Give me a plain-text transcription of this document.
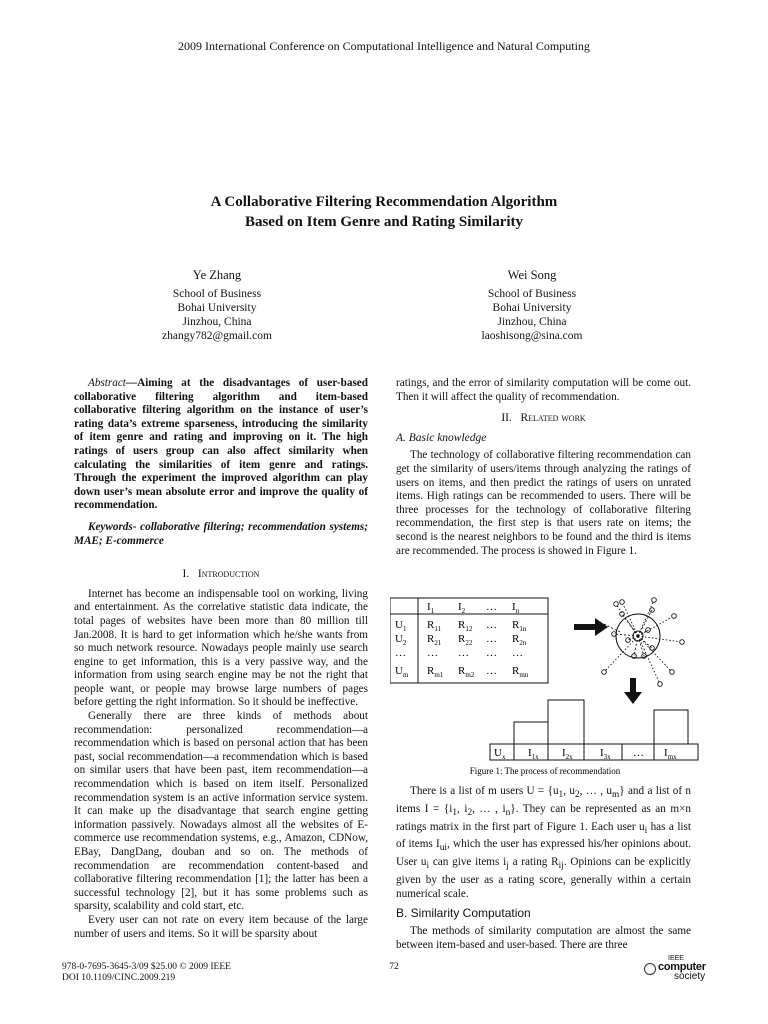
2009 International Conference on Computational Intelligence and Natural Computing
A Collaborative Filtering Recommendation Algorithm
Based on Item Genre and Rating Similarity
Ye Zhang
School of Business
Bohai University
Jinzhou, China
zhangy782@gmail.com
Wei Song
School of Business
Bohai University
Jinzhou, China
laoshisong@sina.com

Abstract—Aiming at the disadvantages of user-based collaborative filtering algorithm and item-based collaborative filtering algorithm on the instance of user’s rating data’s extreme sparseness, introducing the similarity of item genre and rating and improving on it. The high ratings of users group can also affect similarity when calculating the similarities of item genre and ratings. Through the experiment the improved algorithm can play down user’s mean absolute error and improve the quality of recommendation.

Keywords- collaborative filtering; recommendation systems; MAE; E-commerce

I. Introduction

Internet has become an indispensable tool on working, living and entertainment. As the correlative statistic data indicate, the total pages of websites have been more than 80 million till Jan.2008. It is hard to get information which he/she wants from so much network resource. Nowadays people mainly use search engine to get information, this is a very passive way, and the information from using search engine may be not the right that people want, or people may browse large numbers of pages before getting the right information. So it should be ineffective.

Generally there are three kinds of methods about recommendation: personalized recommendation—a recommendation which is based on personal action that has been past, social recommendation—a recommendation which is based on similar users that have been past, item recommendation—a recommendation which is based on item itself. Personalized recommendation system is an active information service system. It can make up the disadvantage that search engine getting information passively. Nowadays almost all the websites of E-commerce use recommendation systems, e.g., Amazon, CDNow, EBay, DangDang, douban and so on. The methods of recommendation are recommendation content-based and collaborative filtering recommendation [1]; the latter has been a successful technology [2], but it has some problems such as sparsity, scalability and cold start, etc.

Every user can not rate on every item because of the large number of users and items. So it will be sparsity about

ratings, and the error of similarity computation will be come out. Then it will affect the quality of recommendation.

II. Related work
A. Basic knowledge

The technology of collaborative filtering recommendation can get the similarity of users/items through analyzing the ratings of users on items, and then predict the ratings of users on unrated items. High ratings can be recommended to users. There will be three processes for the technology of collaborative filtering recommendation, the first step is that users rate on items; the second is the nearest neighbors to be found and the third is items are recommended. The process is showed in Figure 1.

$I_1$ $I_2$ … $I_n$
$U_1$ $R_{11}$ $R_{12}$ … $R_{1n}$
$U_2$ $R_{21}$ $R_{22}$ … $R_{2n}$
… … … … …
$U_m$ $R_{m1}$ $R_{m2}$ … $R_{mn}$
$U_x$ $I_{1x}$ $I_{2x}$ $I_{3x}$ … $I_{mx}$
Figure 1: The process of recommendation

There is a list of m users $U = \{u_1$, $u_2$, … , $u_m$} and a list of n items $I = \{i_1$, $i_2$, … , $i_n$}. They can be represented as an m×n ratings matrix in the first part of Figure 1. Each user $u_i$ has a list of items $I_{ui}$, which the user has expressed his/her opinions about. User $u_i$ can give items $i_j$ a rating $R_{ij}$. Opinions can be explicitly given by the user as a rating score, generally within a certain numerical scale.

B. Similarity Computation

The methods of similarity computation are almost the same between item-based and user-based. There are three

978-0-7695-3645-3/09 $25.00 © 2009 IEEE
DOI 10.1109/CINC.2009.219
72
IEEE
computer
society
